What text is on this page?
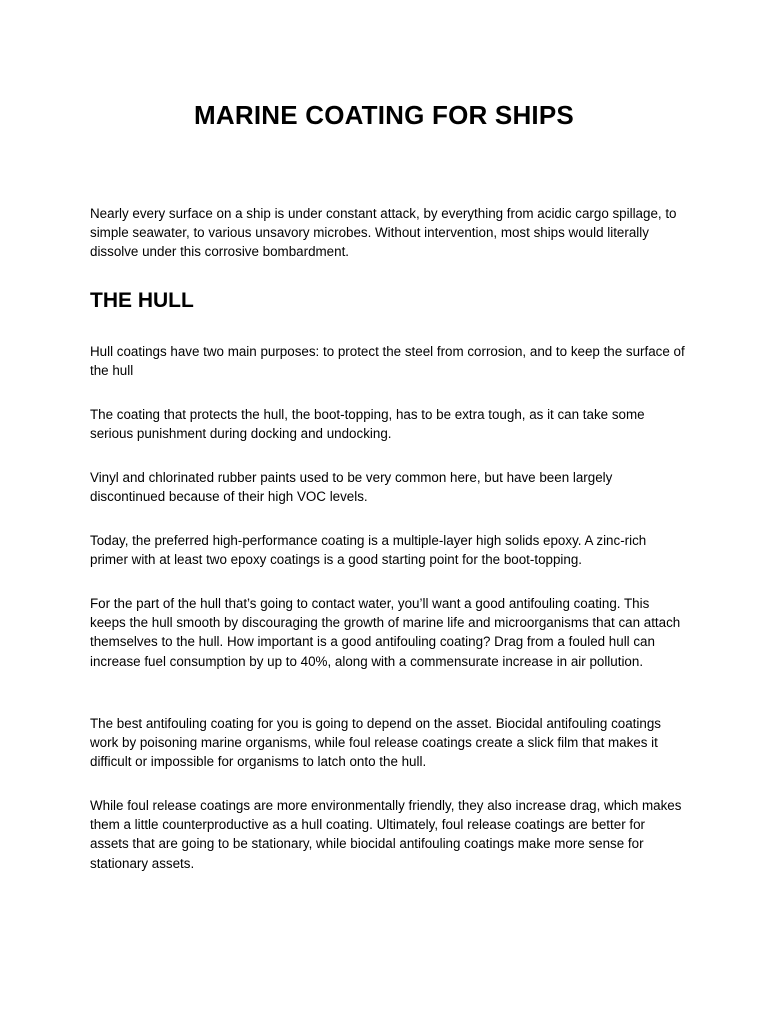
MARINE COATING FOR SHIPS

Nearly every surface on a ship is under constant attack, by everything from acidic cargo spillage, to simple seawater, to various unsavory microbes. Without intervention, most ships would literally dissolve under this corrosive bombardment.

THE HULL

Hull coatings have two main purposes: to protect the steel from corrosion, and to keep the surface of the hull

The coating that protects the hull, the boot-topping, has to be extra tough, as it can take some serious punishment during docking and undocking.

Vinyl and chlorinated rubber paints used to be very common here, but have been largely discontinued because of their high VOC levels.

Today, the preferred high-performance coating is a multiple-layer high solids epoxy. A zinc-rich primer with at least two epoxy coatings is a good starting point for the boot-topping.

For the part of the hull that’s going to contact water, you’ll want a good antifouling coating. This keeps the hull smooth by discouraging the growth of marine life and microorganisms that can attach themselves to the hull. How important is a good antifouling coating? Drag from a fouled hull can increase fuel consumption by up to 40%, along with a commensurate increase in air pollution.

The best antifouling coating for you is going to depend on the asset. Biocidal antifouling coatings work by poisoning marine organisms, while foul release coatings create a slick film that makes it difficult or impossible for organisms to latch onto the hull.

While foul release coatings are more environmentally friendly, they also increase drag, which makes them a little counterproductive as a hull coating. Ultimately, foul release coatings are better for assets that are going to be stationary, while biocidal antifouling coatings make more sense for stationary assets.
